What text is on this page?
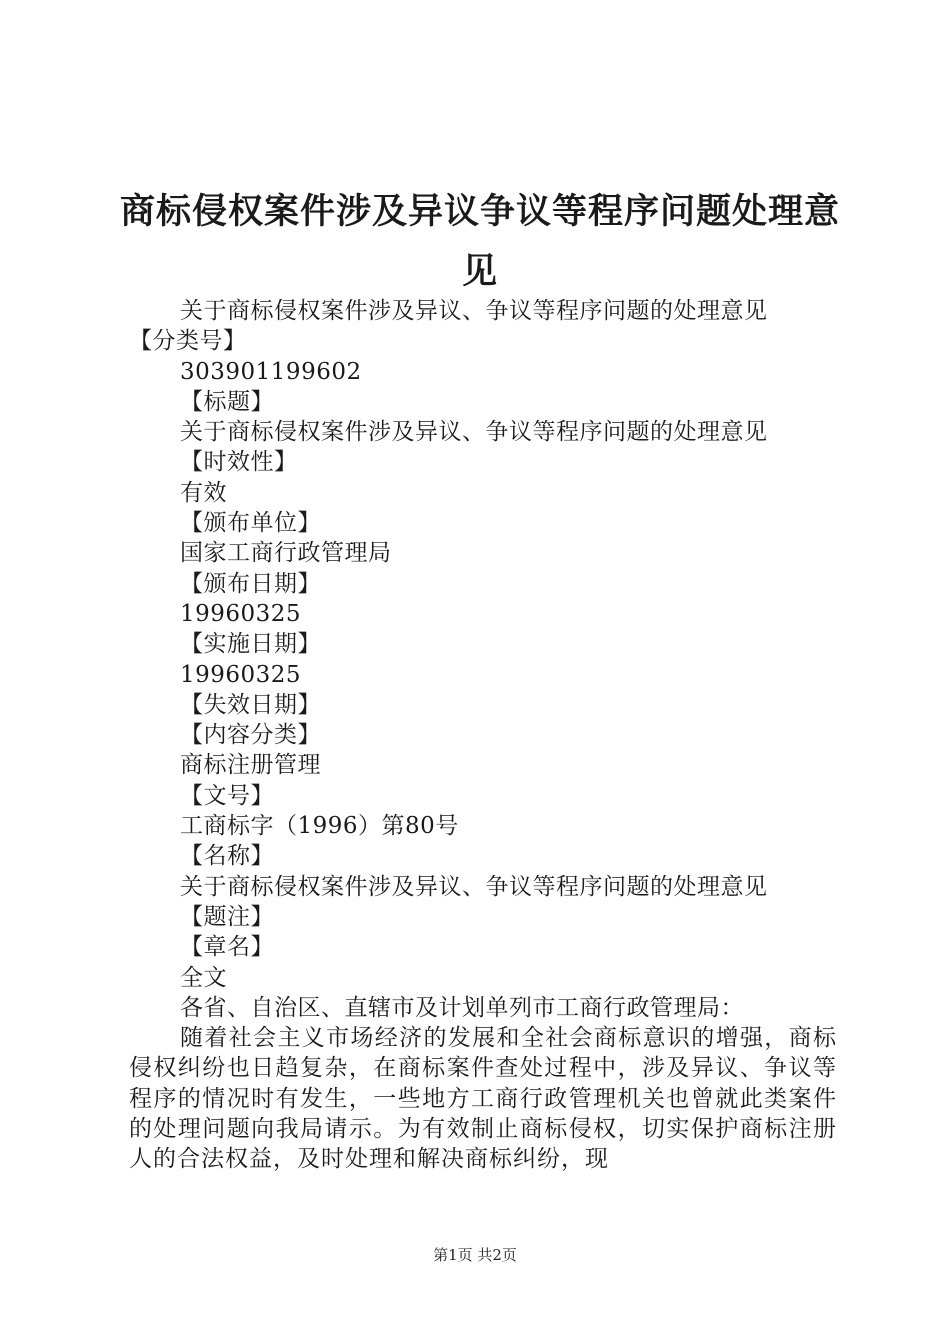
商标侵权案件涉及异议争议等程序问题处理意见

关于商标侵权案件涉及异议、争议等程序问题的处理意见

【分类号】

303901199602

【标题】

关于商标侵权案件涉及异议、争议等程序问题的处理意见

【时效性】

有效

【颁布单位】

国家工商行政管理局

【颁布日期】

19960325

【实施日期】

19960325

【失效日期】

【内容分类】

商标注册管理

【文号】

工商标字（1996）第80号

【名称】

关于商标侵权案件涉及异议、争议等程序问题的处理意见

【题注】

【章名】

全文

各省、自治区、直辖市及计划单列市工商行政管理局：

随着社会主义市场经济的发展和全社会商标意识的增强，商标侵权纠纷也日趋复杂，在商标案件查处过程中，涉及异议、争议等程序的情况时有发生，一些地方工商行政管理机关也曾就此类案件的处理问题向我局请示。为有效制止商标侵权，切实保护商标注册人的合法权益，及时处理和解决商标纠纷，现

第1页 共2页
